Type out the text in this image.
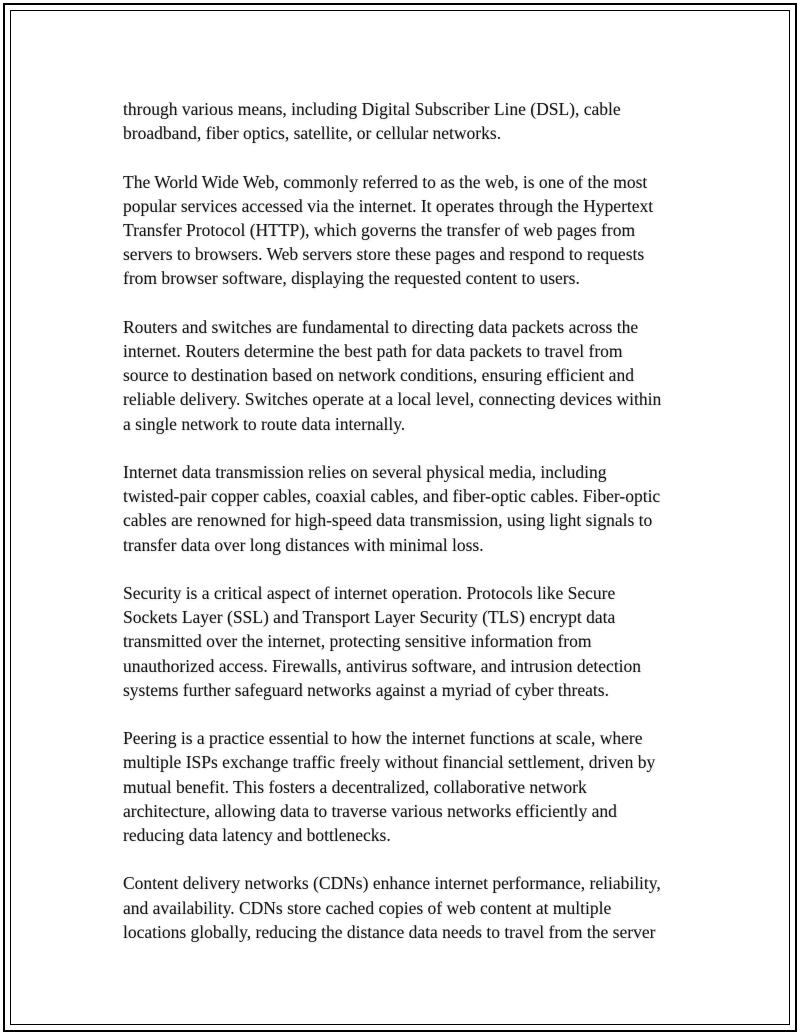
through various means, including Digital Subscriber Line (DSL), cable
broadband, fiber optics, satellite, or cellular networks.

The World Wide Web, commonly referred to as the web, is one of the most
popular services accessed via the internet. It operates through the Hypertext
Transfer Protocol (HTTP), which governs the transfer of web pages from
servers to browsers. Web servers store these pages and respond to requests
from browser software, displaying the requested content to users.

Routers and switches are fundamental to directing data packets across the
internet. Routers determine the best path for data packets to travel from
source to destination based on network conditions, ensuring efficient and
reliable delivery. Switches operate at a local level, connecting devices within
a single network to route data internally.

Internet data transmission relies on several physical media, including
twisted-pair copper cables, coaxial cables, and fiber-optic cables. Fiber-optic
cables are renowned for high-speed data transmission, using light signals to
transfer data over long distances with minimal loss.

Security is a critical aspect of internet operation. Protocols like Secure
Sockets Layer (SSL) and Transport Layer Security (TLS) encrypt data
transmitted over the internet, protecting sensitive information from
unauthorized access. Firewalls, antivirus software, and intrusion detection
systems further safeguard networks against a myriad of cyber threats.

Peering is a practice essential to how the internet functions at scale, where
multiple ISPs exchange traffic freely without financial settlement, driven by
mutual benefit. This fosters a decentralized, collaborative network
architecture, allowing data to traverse various networks efficiently and
reducing data latency and bottlenecks.

Content delivery networks (CDNs) enhance internet performance, reliability,
and availability. CDNs store cached copies of web content at multiple
locations globally, reducing the distance data needs to travel from the server
